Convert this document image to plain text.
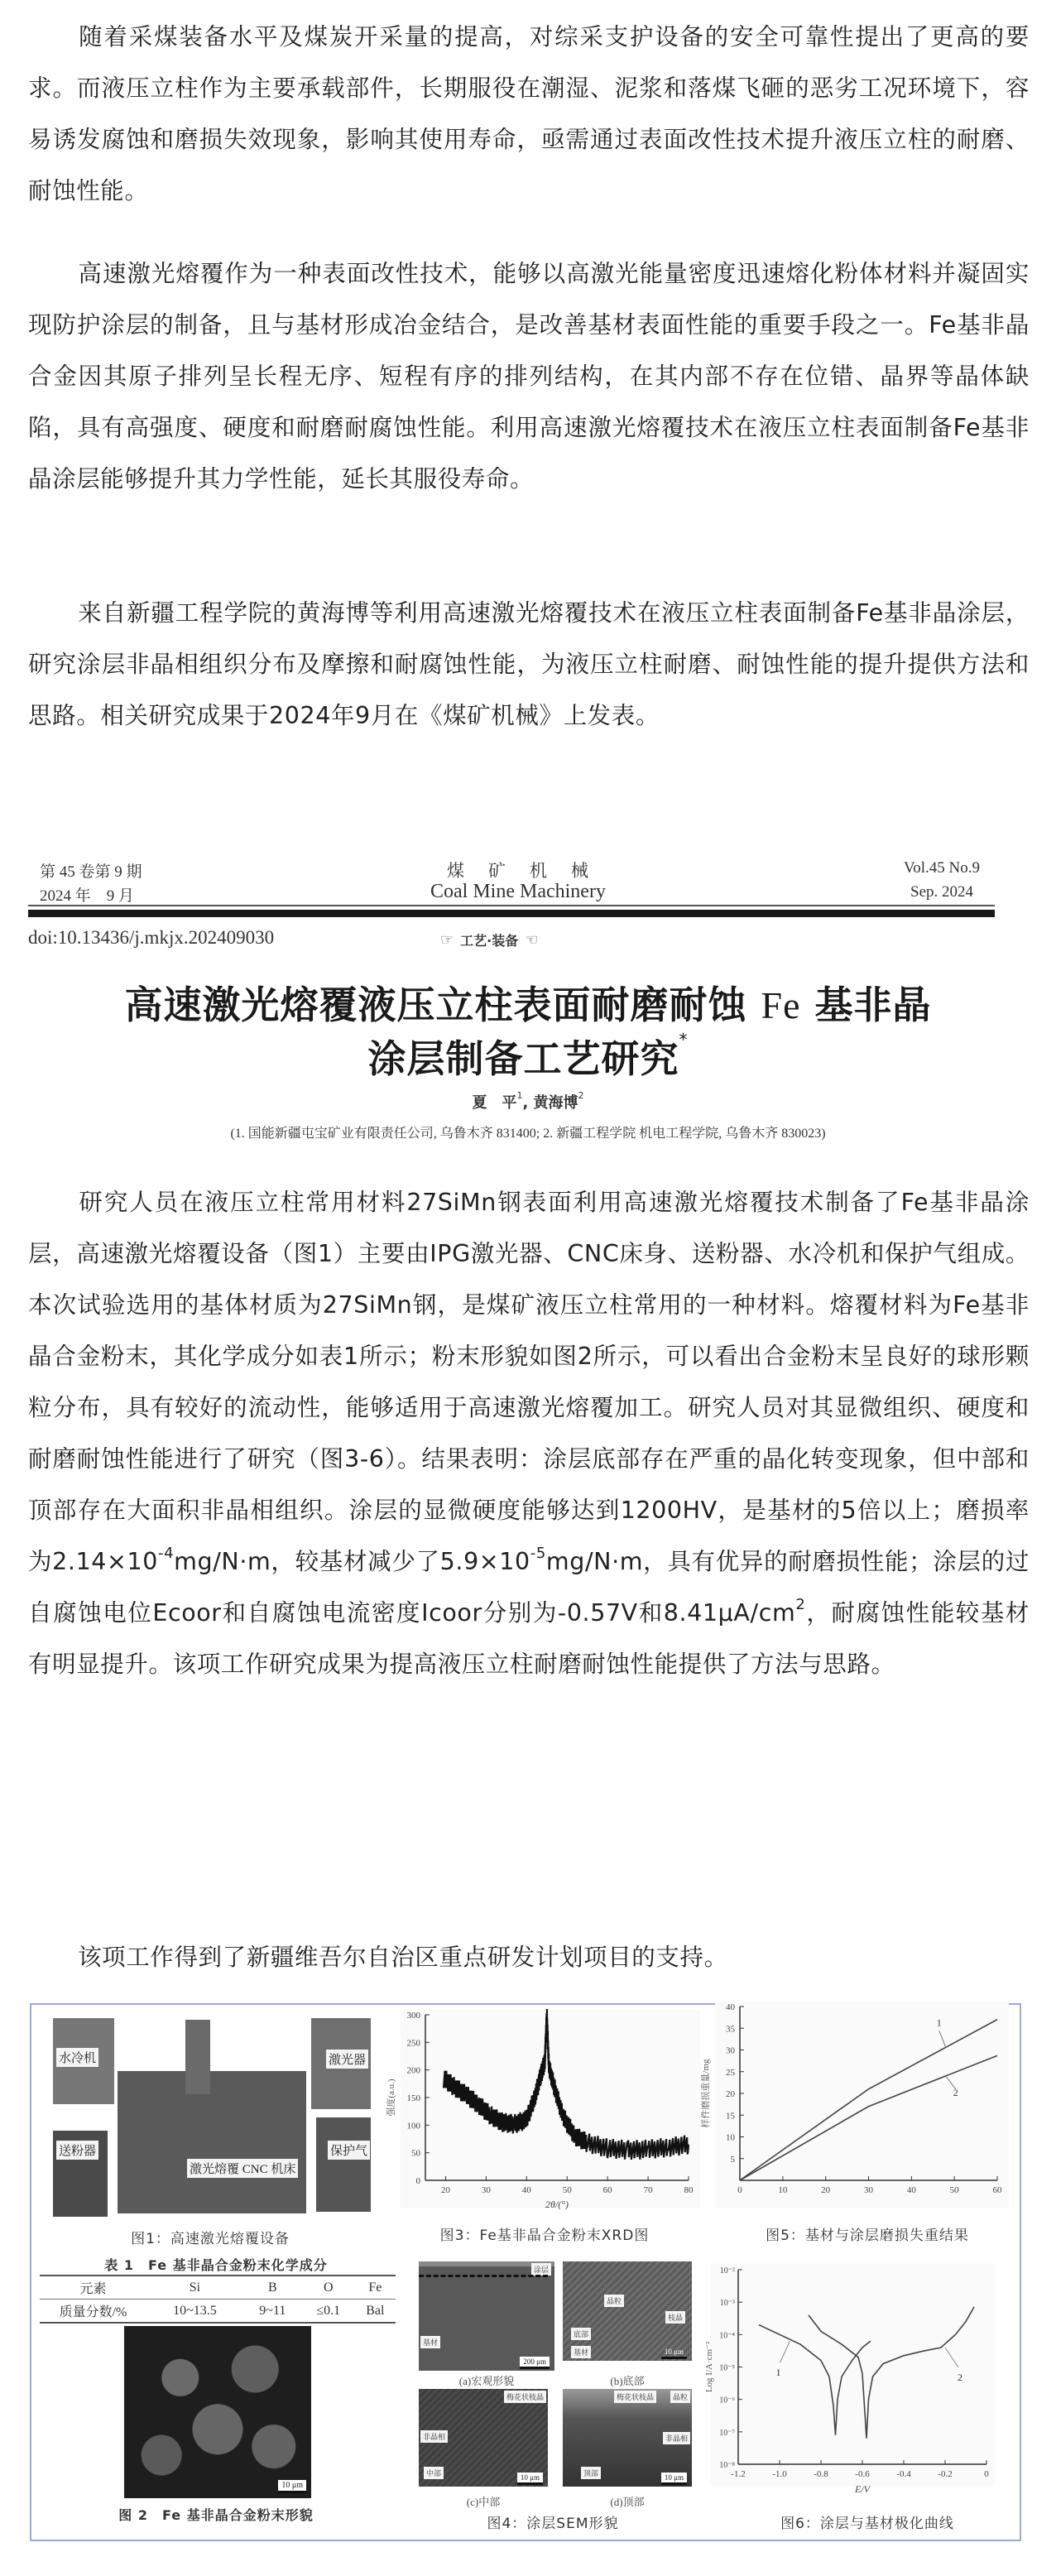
随着采煤装备水平及煤炭开采量的提高，对综采支护设备的安全可靠性提出了更高的要求。而液压立柱作为主要承载部件，长期服役在潮湿、泥浆和落煤飞砸的恶劣工况环境下，容易诱发腐蚀和磨损失效现象，影响其使用寿命，亟需通过表面改性技术提升液压立柱的耐磨、耐蚀性能。

高速激光熔覆作为一种表面改性技术，能够以高激光能量密度迅速熔化粉体材料并凝固实现防护涂层的制备，且与基材形成冶金结合，是改善基材表面性能的重要手段之一。Fe基非晶合金因其原子排列呈长程无序、短程有序的排列结构，在其内部不存在位错、晶界等晶体缺陷，具有高强度、硬度和耐磨耐腐蚀性能。利用高速激光熔覆技术在液压立柱表面制备Fe基非晶涂层能够提升其力学性能，延长其服役寿命。

来自新疆工程学院的黄海博等利用高速激光熔覆技术在液压立柱表面制备Fe基非晶涂层，研究涂层非晶相组织分布及摩擦和耐腐蚀性能，为液压立柱耐磨、耐蚀性能的提升提供方法和思路。相关研究成果于2024年9月在《煤矿机械》上发表。

第 45 卷第 9 期
2024 年　9 月
煤　矿　机　械
Coal Mine Machinery
Vol.45 No.9
Sep. 2024
doi:10.13436/j.mkjx.202409030	☞ 工艺·装备 ☜
高速激光熔覆液压立柱表面耐磨耐蚀 Fe 基非晶
涂层制备工艺研究*
夏　平$^1$, 黄海博$^2$
(1. 国能新疆屯宝矿业有限责任公司, 乌鲁木齐 831400; 2. 新疆工程学院 机电工程学院, 乌鲁木齐 830023)

研究人员在液压立柱常用材料27SiMn钢表面利用高速激光熔覆技术制备了Fe基非晶涂层，高速激光熔覆设备（图1）主要由IPG激光器、CNC床身、送粉器、水冷机和保护气组成。本次试验选用的基体材质为27SiMn钢，是煤矿液压立柱常用的一种材料。熔覆材料为Fe基非晶合金粉末，其化学成分如表1所示；粉末形貌如图2所示，可以看出合金粉末呈良好的球形颗粒分布，具有较好的流动性，能够适用于高速激光熔覆加工。研究人员对其显微组织、硬度和耐磨耐蚀性能进行了研究（图3-6）。结果表明：涂层底部存在严重的晶化转变现象，但中部和顶部存在大面积非晶相组织。涂层的显微硬度能够达到1200HV，是基材的5倍以上；磨损率为$2.14\times 10^{-4}mg/N\cdot m$，较基材减少了$5.9\times 10^{-5}mg/N\cdot m$，具有优异的耐磨损性能；涂层的过自腐蚀电位Ecoor和自腐蚀电流密度Icoor分别为-0.57V和$8.41\mu A/cm^2$，耐腐蚀性能较基材有明显提升。该项工作研究成果为提高液压立柱耐磨耐蚀性能提供了方法与思路。

该项工作得到了新疆维吾尔自治区重点研发计划项目的支持。

水冷机	激光器
送粉器	保护气
激光熔覆 CNC 机床
图1：高速激光熔覆设备
表 1　Fe 基非晶合金粉末化学成分
元素	Si	B	O	Fe
质量分数/%	10~13.5	9~11	≤0.1	Bal
10 μm
图 2　Fe 基非晶合金粉末形貌
20	30	40	50	60	70	80
0
50
100
150
200
250
300
2θ/(°)
强度(a.u.)
图3：Fe基非晶合金粉末XRD图
0	10	20	30	40	50	60
5
10
15
20
25
30
35
40
样件磨损重量/mg
1
2
图5：基材与涂层磨损失重结果
涂层
基材
200 μm
(a)宏观形貌
晶粒
枝晶
底部
基材	10 μm
(b)底部
梅花状枝晶
非晶相
中部	10 μm
(c)中部
梅花状枝晶	晶粒
非晶相
顶部	10 μm
(d)顶部
图4：涂层SEM形貌
-1.2	-1.0	-0.8	-0.6	-0.4	-0.2	0
10⁻²
10⁻³
10⁻⁴
10⁻⁵
10⁻⁶
10⁻⁷
10⁻⁸
E/V
Log I/A·cm⁻²	1	2
图6：涂层与基材极化曲线
